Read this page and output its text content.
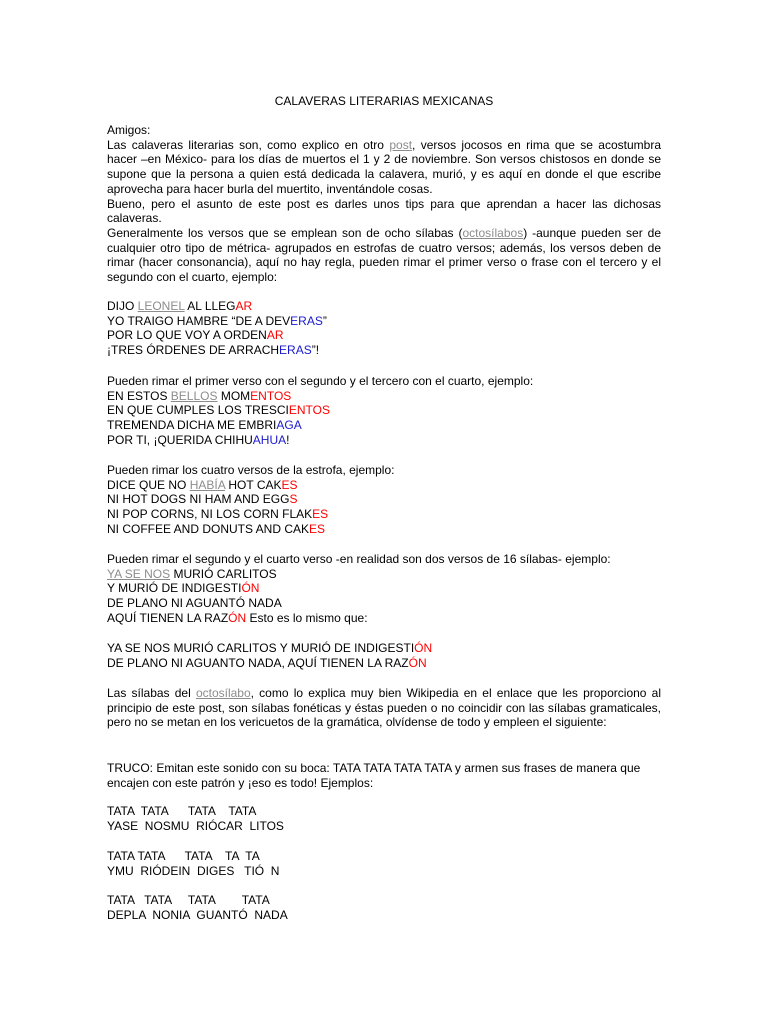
CALAVERAS LITERARIAS MEXICANAS
Amigos:
Las calaveras literarias son, como explico en otro post, versos jocosos en rima que se acostumbra hacer –en México- para los días de muertos el 1 y 2 de noviembre. Son versos chistosos en donde se supone que la persona a quien está dedicada la calavera, murió, y es aquí en donde el que escribe aprovecha para hacer burla del muertito, inventándole cosas.
Bueno, pero el asunto de este post es darles unos tips para que aprendan a hacer las dichosas calaveras.
Generalmente los versos que se emplean son de ocho sílabas (octosílabos) -aunque pueden ser de cualquier otro tipo de métrica- agrupados en estrofas de cuatro versos; además, los versos deben de rimar (hacer consonancia), aquí no hay regla, pueden rimar el primer verso o frase con el tercero y el segundo con el cuarto, ejemplo:
DIJO LEONEL AL LLEGAR
YO TRAIGO HAMBRE “DE A DEVERAS”
POR LO QUE VOY A ORDENAR
¡TRES ÓRDENES DE ARRACHERAS”!
Pueden rimar el primer verso con el segundo y el tercero con el cuarto, ejemplo:
EN ESTOS BELLOS MOMENTOS
EN QUE CUMPLES LOS TRESCIENTOS
TREMENDA DICHA ME EMBRIAGA
POR TI, ¡QUERIDA CHIHUAHUA!
Pueden rimar los cuatro versos de la estrofa, ejemplo:
DICE QUE NO HABÍA HOT CAKES
NI HOT DOGS NI HAM AND EGGS
NI POP CORNS, NI LOS CORN FLAKES
NI COFFEE AND DONUTS AND CAKES
Pueden rimar el segundo y el cuarto verso -en realidad son dos versos de 16 sílabas- ejemplo:
YA SE NOS MURIÓ CARLITOS
Y MURIÓ DE INDIGESTIÓN
DE PLANO NI AGUANTÓ NADA
AQUÍ TIENEN LA RAZÓN Esto es lo mismo que:
YA SE NOS MURIÓ CARLITOS Y MURIÓ DE INDIGESTIÓN
DE PLANO NI AGUANTO NADA, AQUÍ TIENEN LA RAZÓN
Las sílabas del octosílabo, como lo explica muy bien Wikipedia en el enlace que les proporciono al principio de este post, son sílabas fonéticas y éstas pueden o no coincidir con las sílabas gramaticales, pero no se metan en los vericuetos de la gramática, olvídense de todo y empleen el siguiente:
TRUCO: Emitan este sonido con su boca: TATA TATA TATA TATA y armen sus frases de manera que encajen con este patrón y ¡eso es todo! Ejemplos:
TATA  TATA      TATA    TATA
YASE  NOSMU  RIÓCAR  LITOS
TATA TATA      TATA    TA  TA
YMU  RIÓDEIN  DIGES   TIÓ  N
TATA   TATA     TATA        TATA
DEPLA  NONIA  GUANTÓ  NADA
